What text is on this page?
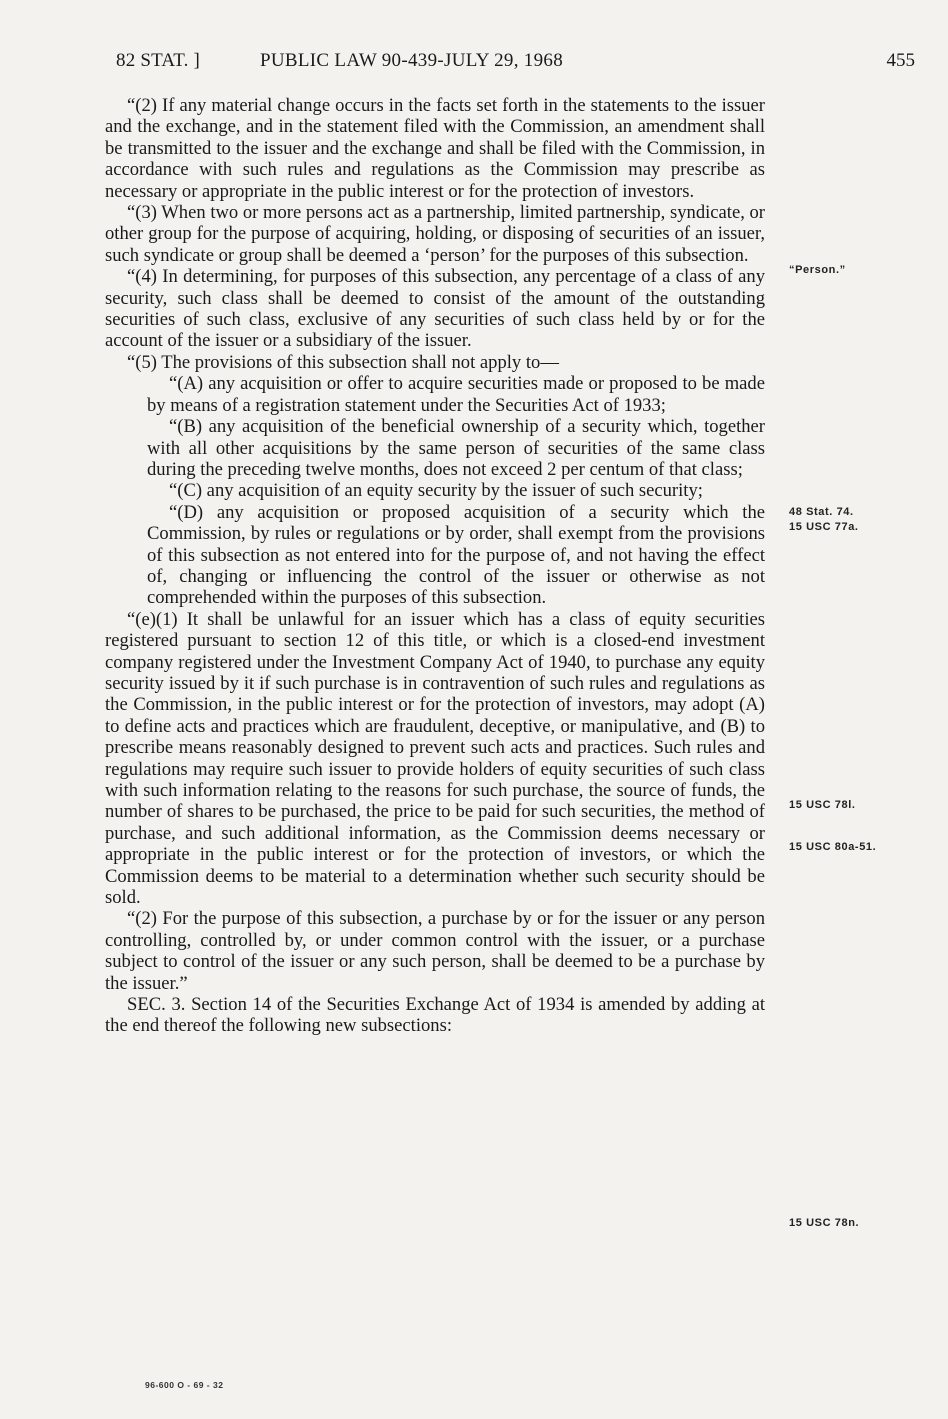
82 STAT. ]	PUBLIC LAW 90-439-JULY 29, 1968	455

“(2) If any material change occurs in the facts set forth in the statements to the issuer and the exchange, and in the statement filed with the Commission, an amendment shall be transmitted to the issuer and the exchange and shall be filed with the Commission, in accordance with such rules and regulations as the Commission may prescribe as necessary or appropriate in the public interest or for the protection of investors.

“(3) When two or more persons act as a partnership, limited partnership, syndicate, or other group for the purpose of acquiring, holding, or disposing of securities of an issuer, such syndicate or group shall be deemed a ‘person’ for the purposes of this subsection.

“(4) In determining, for purposes of this subsection, any percentage of a class of any security, such class shall be deemed to consist of the amount of the outstanding securities of such class, exclusive of any securities of such class held by or for the account of the issuer or a subsidiary of the issuer.

“(5) The provisions of this subsection shall not apply to—

“(A) any acquisition or offer to acquire securities made or proposed to be made by means of a registration statement under the Securities Act of 1933;

“(B) any acquisition of the beneficial ownership of a security which, together with all other acquisitions by the same person of securities of the same class during the preceding twelve months, does not exceed 2 per centum of that class;

“(C) any acquisition of an equity security by the issuer of such security;

“(D) any acquisition or proposed acquisition of a security which the Commission, by rules or regulations or by order, shall exempt from the provisions of this subsection as not entered into for the purpose of, and not having the effect of, changing or influencing the control of the issuer or otherwise as not comprehended within the purposes of this subsection.

“(e)(1) It shall be unlawful for an issuer which has a class of equity securities registered pursuant to section 12 of this title, or which is a closed-end investment company registered under the Investment Company Act of 1940, to purchase any equity security issued by it if such purchase is in contravention of such rules and regulations as the Commission, in the public interest or for the protection of investors, may adopt (A) to define acts and practices which are fraudulent, deceptive, or manipulative, and (B) to prescribe means reasonably designed to prevent such acts and practices. Such rules and regulations may require such issuer to provide holders of equity securities of such class with such information relating to the reasons for such purchase, the source of funds, the number of shares to be purchased, the price to be paid for such securities, the method of purchase, and such additional information, as the Commission deems necessary or appropriate in the public interest or for the protection of investors, or which the Commission deems to be material to a determination whether such security should be sold.

“(2) For the purpose of this subsection, a purchase by or for the issuer or any person controlling, controlled by, or under common control with the issuer, or a purchase subject to control of the issuer or any such person, shall be deemed to be a purchase by the issuer.”

SEC. 3. Section 14 of the Securities Exchange Act of 1934 is amended by adding at the end thereof the following new subsections:

“Person.”
48 Stat. 74.
15 USC 77a.
15 USC 78l.
15 USC 80a-51.
15 USC 78n.
96-600 O - 69 - 32
